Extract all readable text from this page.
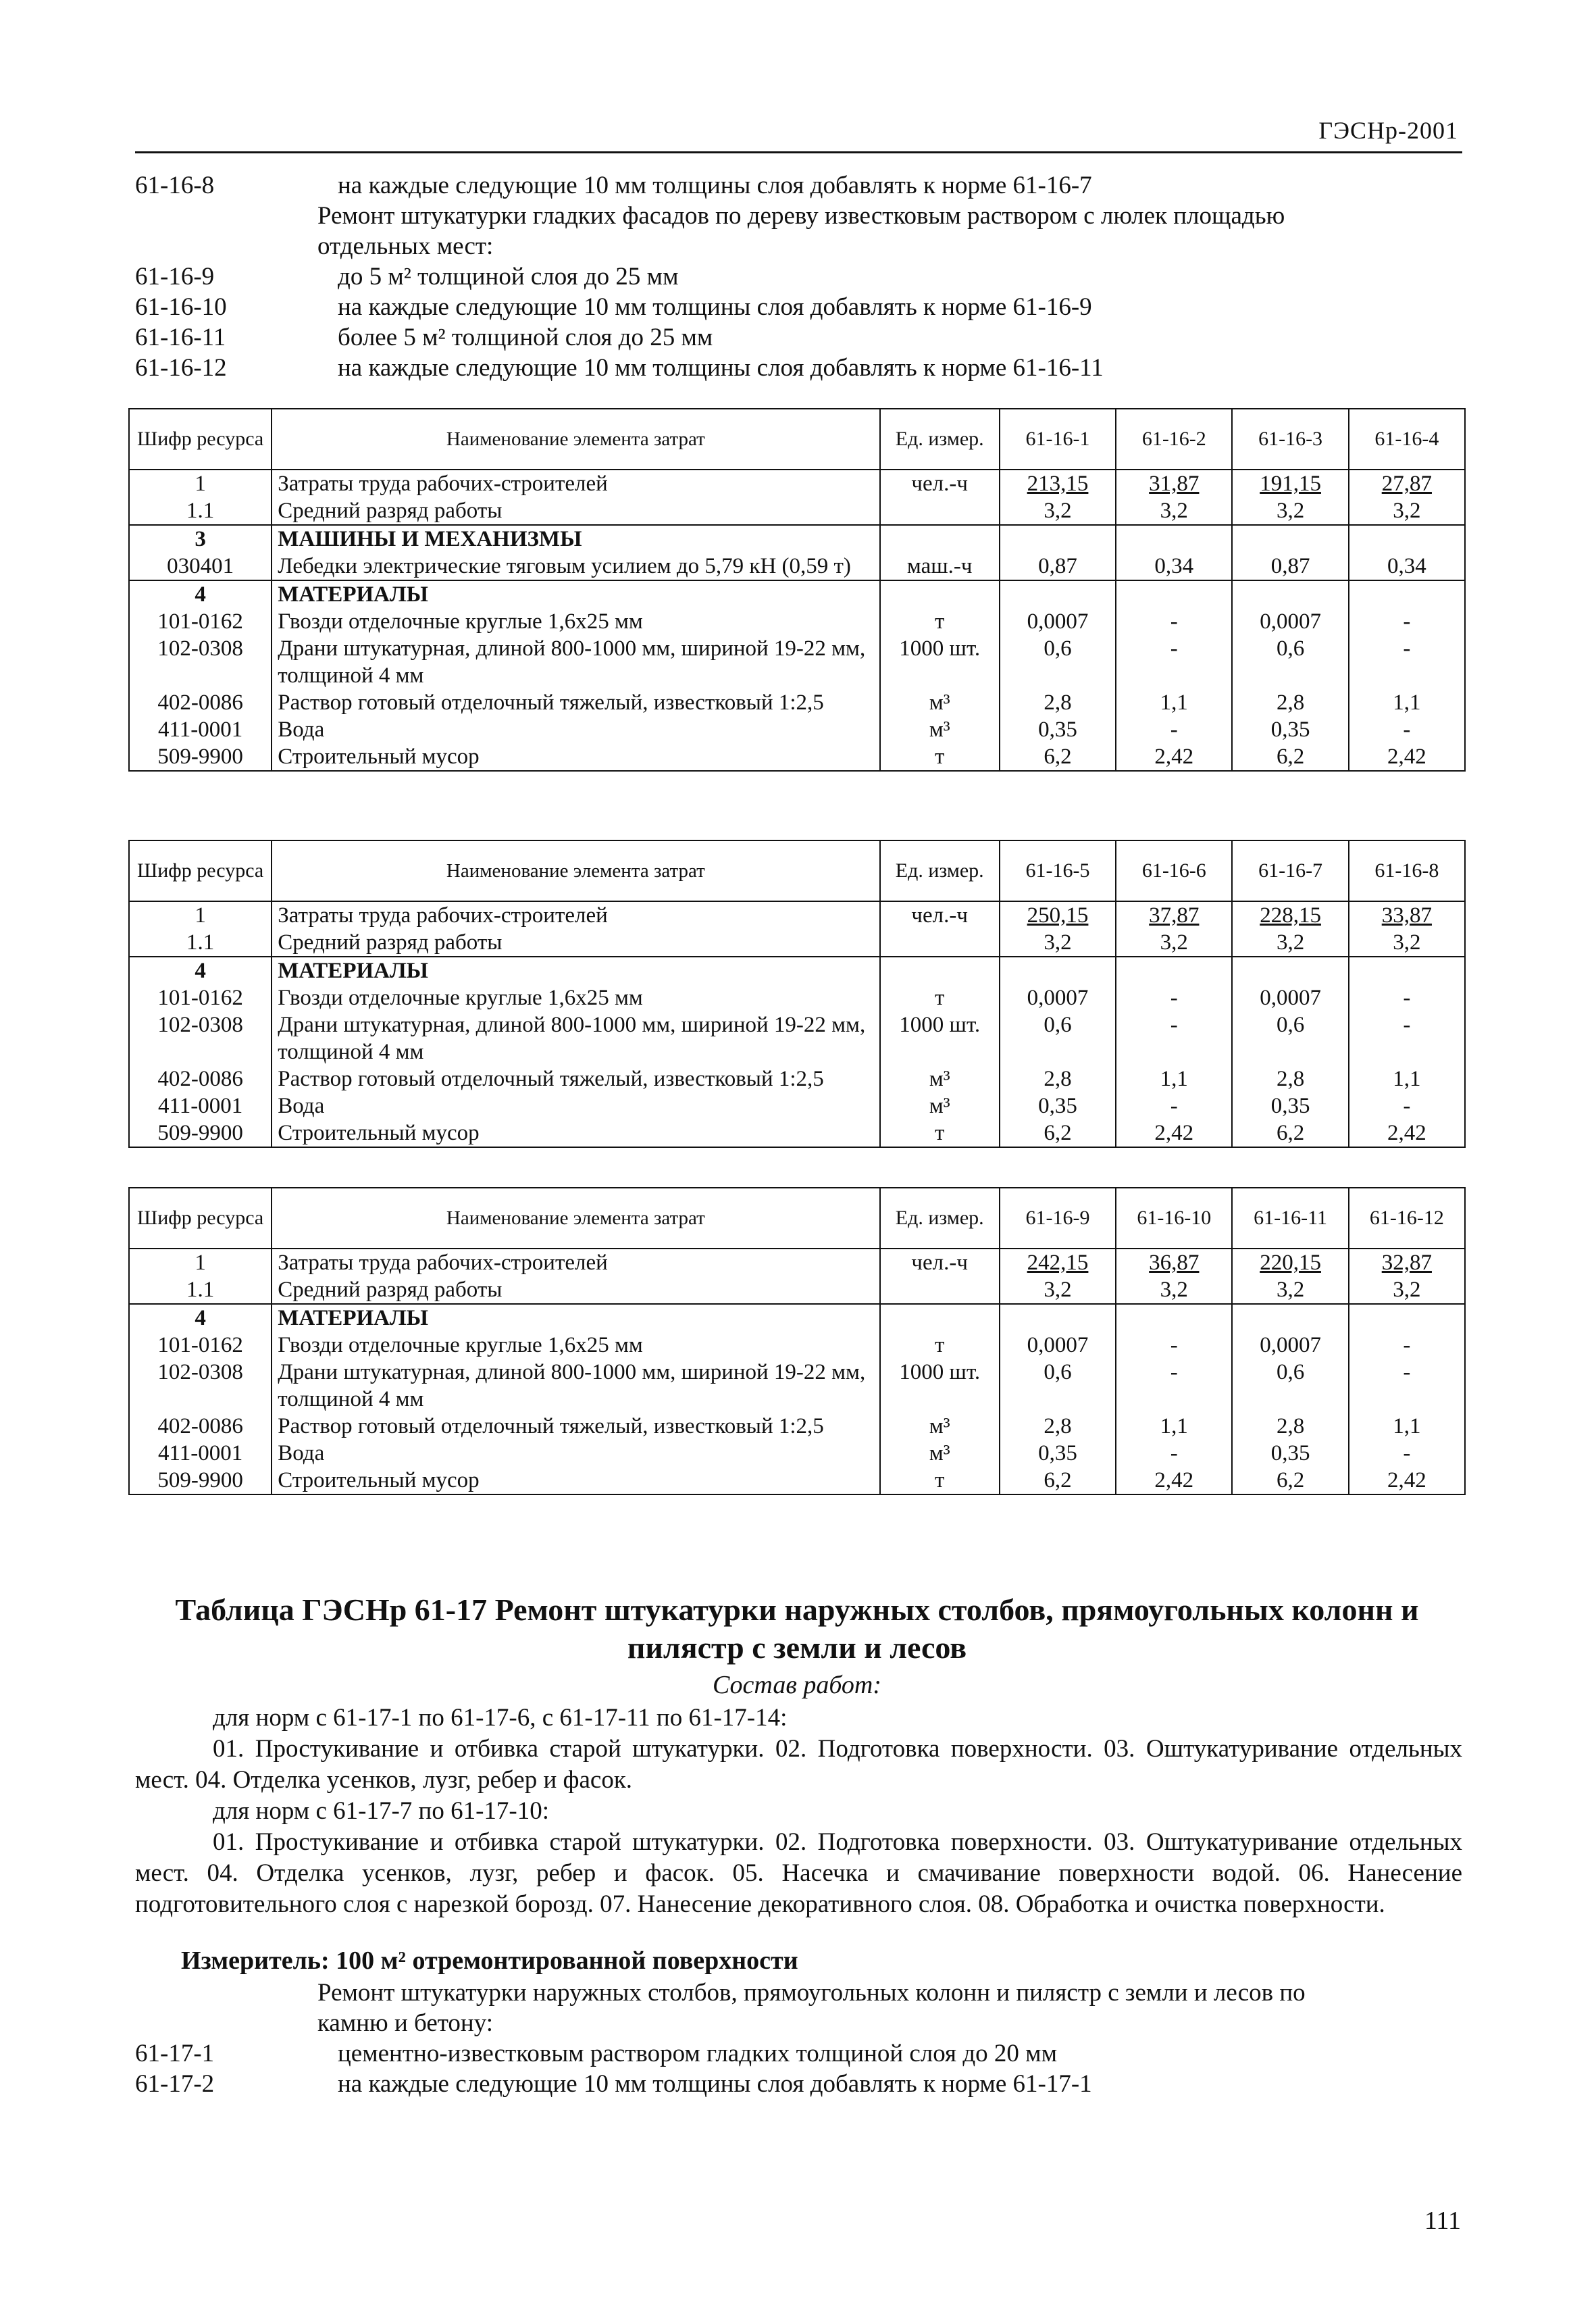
ГЭСНр-2001
61-16-8	на каждые следующие 10 мм толщины слоя добавлять к норме 61-16-7
Ремонт штукатурки гладких фасадов по дереву известковым раствором с люлек площадью
отдельных мест:
61-16-9	до 5 м² толщиной слоя до 25 мм
61-16-10	на каждые следующие 10 мм толщины слоя добавлять к норме 61-16-9
61-16-11	более 5 м² толщиной слоя до 25 мм
61-16-12	на каждые следующие 10 мм толщины слоя добавлять к норме 61-16-11
Шифр ресурса	Наименование элемента затрат	Ед. измер.	61-16-1	61-16-2	61-16-3	61-16-4
1	Затраты труда рабочих-строителей	чел.-ч	213,15	31,87	191,15	27,87
1.1	Средний разряд работы		3,2	3,2	3,2	3,2
3	МАШИНЫ И МЕХАНИЗМЫ					
030401	Лебедки электрические тяговым усилием до 5,79 кН (0,59 т)	маш.-ч	0,87	0,34	0,87	0,34
4	МАТЕРИАЛЫ					
101-0162	Гвозди отделочные круглые 1,6х25 мм	т	0,0007	-	0,0007	-
102-0308	Драни штукатурная, длиной 800-1000 мм, шириной 19-22 мм, толщиной 4 мм	1000 шт.	0,6	-	0,6	-
402-0086	Раствор готовый отделочный тяжелый, известковый 1:2,5	м³	2,8	1,1	2,8	1,1
411-0001	Вода	м³	0,35	-	0,35	-
509-9900	Строительный мусор	т	6,2	2,42	6,2	2,42
Шифр ресурса	Наименование элемента затрат	Ед. измер.	61-16-5	61-16-6	61-16-7	61-16-8
1	Затраты труда рабочих-строителей	чел.-ч	250,15	37,87	228,15	33,87
1.1	Средний разряд работы		3,2	3,2	3,2	3,2
4	МАТЕРИАЛЫ					
101-0162	Гвозди отделочные круглые 1,6х25 мм	т	0,0007	-	0,0007	-
102-0308	Драни штукатурная, длиной 800-1000 мм, шириной 19-22 мм, толщиной 4 мм	1000 шт.	0,6	-	0,6	-
402-0086	Раствор готовый отделочный тяжелый, известковый 1:2,5	м³	2,8	1,1	2,8	1,1
411-0001	Вода	м³	0,35	-	0,35	-
509-9900	Строительный мусор	т	6,2	2,42	6,2	2,42
Шифр ресурса	Наименование элемента затрат	Ед. измер.	61-16-9	61-16-10	61-16-11	61-16-12
1	Затраты труда рабочих-строителей	чел.-ч	242,15	36,87	220,15	32,87
1.1	Средний разряд работы		3,2	3,2	3,2	3,2
4	МАТЕРИАЛЫ					
101-0162	Гвозди отделочные круглые 1,6х25 мм	т	0,0007	-	0,0007	-
102-0308	Драни штукатурная, длиной 800-1000 мм, шириной 19-22 мм, толщиной 4 мм	1000 шт.	0,6	-	0,6	-
402-0086	Раствор готовый отделочный тяжелый, известковый 1:2,5	м³	2,8	1,1	2,8	1,1
411-0001	Вода	м³	0,35	-	0,35	-
509-9900	Строительный мусор	т	6,2	2,42	6,2	2,42
Таблица ГЭСНр 61-17 Ремонт штукатурки наружных столбов, прямоугольных колонн и пилястр с земли и лесов
Состав работ:

для норм с 61-17-1 по 61-17-6, с 61-17-11 по 61-17-14:

01. Простукивание и отбивка старой штукатурки. 02. Подготовка поверхности. 03. Оштукатуривание отдельных мест. 04. Отделка усенков, лузг, ребер и фасок.

для норм с 61-17-7 по 61-17-10:

01. Простукивание и отбивка старой штукатурки. 02. Подготовка поверхности. 03. Оштукатуривание отдельных мест. 04. Отделка усенков, лузг, ребер и фасок. 05. Насечка и смачивание поверхности водой. 06. Нанесение подготовительного слоя с нарезкой борозд. 07. Нанесение декоративного слоя. 08. Обработка и очистка поверхности.

Измеритель: 100 м² отремонтированной поверхности
Ремонт штукатурки наружных столбов, прямоугольных колонн и пилястр с земли и лесов по
камню и бетону:
61-17-1	цементно-известковым раствором гладких толщиной слоя до 20 мм
61-17-2	на каждые следующие 10 мм толщины слоя добавлять к норме 61-17-1
111
